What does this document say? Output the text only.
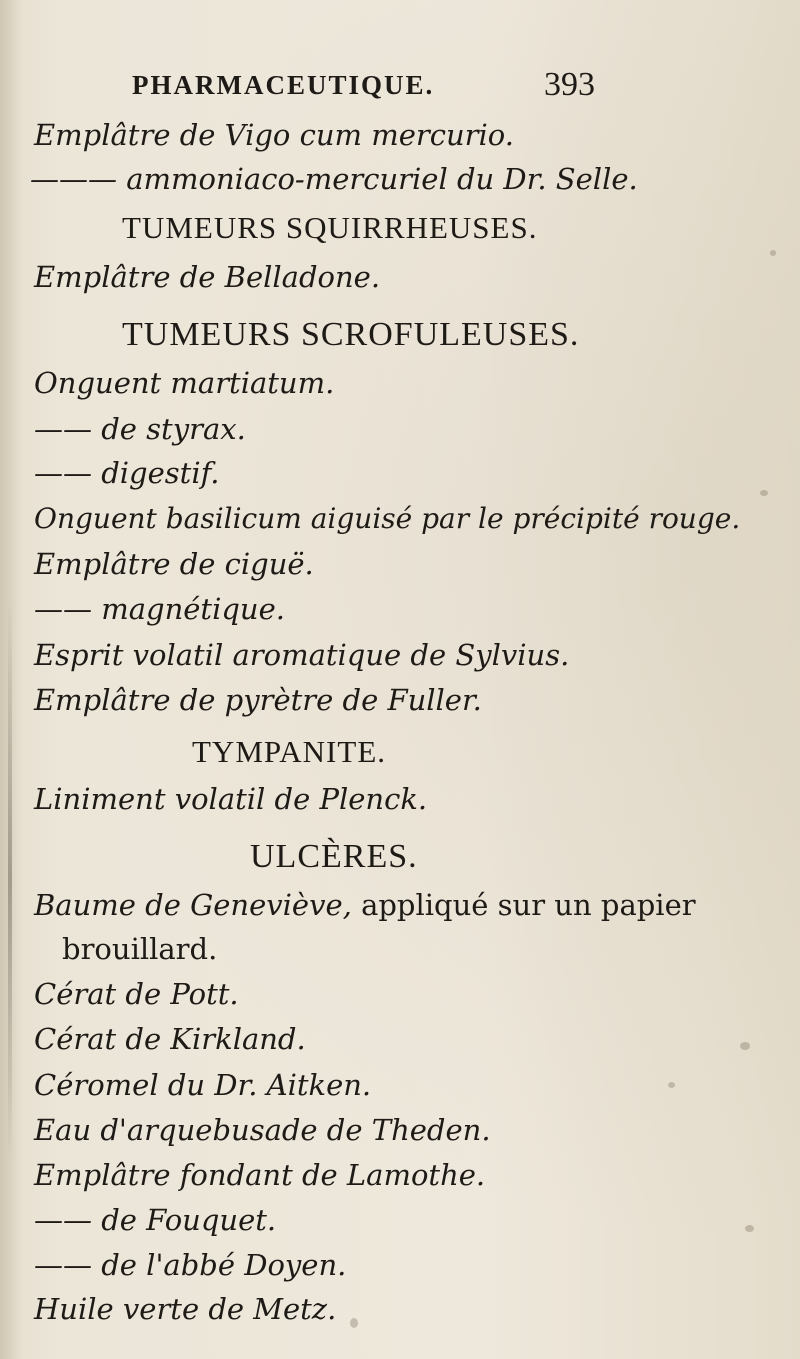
PHARMACEUTIQUE.	393
Emplâtre de Vigo cum mercurio.
——— ammoniaco-mercuriel du Dr. Selle.
TUMEURS SQUIRRHEUSES.
Emplâtre de Belladone.
TUMEURS SCROFULEUSES.
Onguent martiatum.
—— de styrax.
—— digestif.
Onguent basilicum aiguisé par le précipité rouge.
Emplâtre de ciguë.
—— magnétique.
Esprit volatil aromatique de Sylvius.
Emplâtre de pyrètre de Fuller.
TYMPANITE.
Liniment volatil de Plenck.
ULCÈRES.
Baume de Geneviève, appliqué sur un papier
brouillard.
Cérat de Pott.
Cérat de Kirkland.
Céromel du Dr. Aitken.
Eau d'arquebusade de Theden.
Emplâtre fondant de Lamothe.
—— de Fouquet.
—— de l'abbé Doyen.
Huile verte de Metz.
